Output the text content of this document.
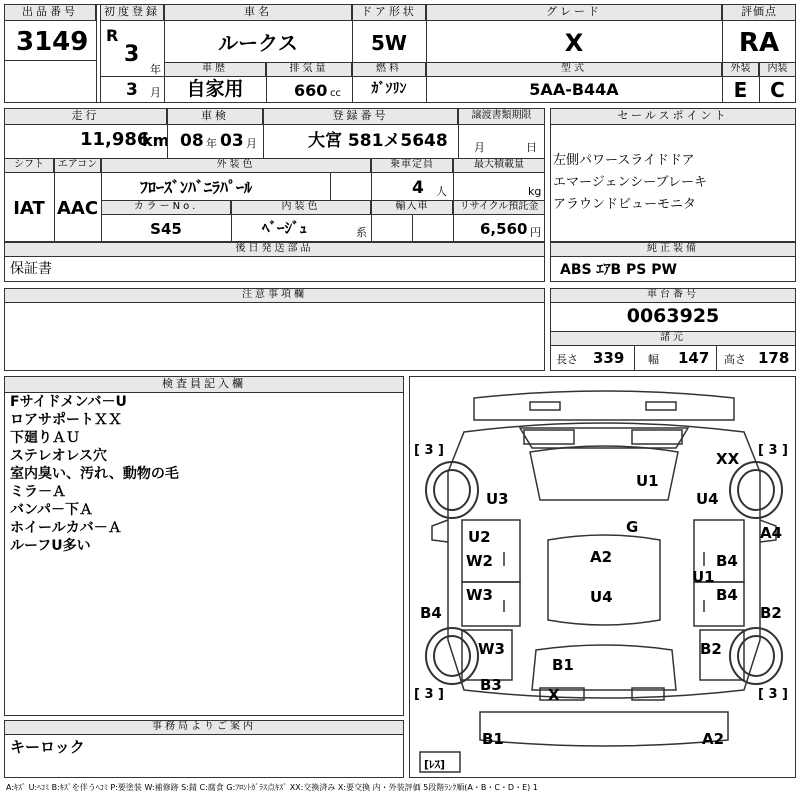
出品番号
3149
初度登録
R
3
年
3 月
車名
ルークス
ドア形状
5W
グレード
X
評価点
RA
車歴
自家用
排気量
660 cc
燃料
ｶﾞｿﾘﾝ
型式
5AA-B44A
外装	内装
E	C
走行
11,986
km
車検
08 年 03 月
登録番号
大宮 581メ5648
譲渡書類期限
月	日
シフト
IAT
エアコン
AAC
外装色
ﾌﾛｰｽﾞﾝﾊﾞﾆﾗﾊﾟｰﾙ
乗車定員
4 人
最大積載量
kg
カラーNo.
S45
内装色
ﾍﾞｰｼﾞｭ	系
輸入車	リサイクル預託金
6,560 円
セールスポイント
左側パワースライドドア
エマージェンシーブレーキ
アラウンドビューモニタ
後日発送部品
保証書
純正装備
ABS ｴｱB PS PW
注意事項欄	車台番号
0063925
諸元
長さ 339 幅 147 高さ 178
検査員記入欄
Fサイドメンバ－U
ロアサポートＸＸ
下廻りＡＵ
ステレオレス穴
室内臭い、汚れ、動物の毛
ミラ－Ａ
バンパ－下Ａ
ホイールカバ－Ａ
ルーフU多い
事務局よりご案内
キーロック
[ 3 ]	[ 3 ]
[ 3 ]	[ 3 ]
[ﾚｽ]
XX
U1
U3	U4
G
U2	A4
W2	A2	B4
U1
W3	U4	B4
B4	B2
W3	B2
B1
B3
X
B1	A2
A:ｷｽﾞ U:ﾍｺﾐ B:ｷｽﾞを伴うﾍｺﾐ P:要塗装 W:補修跡 S:錆 C:腐食 G:ﾌﾛﾝﾄｶﾞﾗｽ点ｷｽﾞ XX:交換済み X:要交換 内・外装評価 5段階ﾗﾝｸ順(A・B・C・D・E) 1
